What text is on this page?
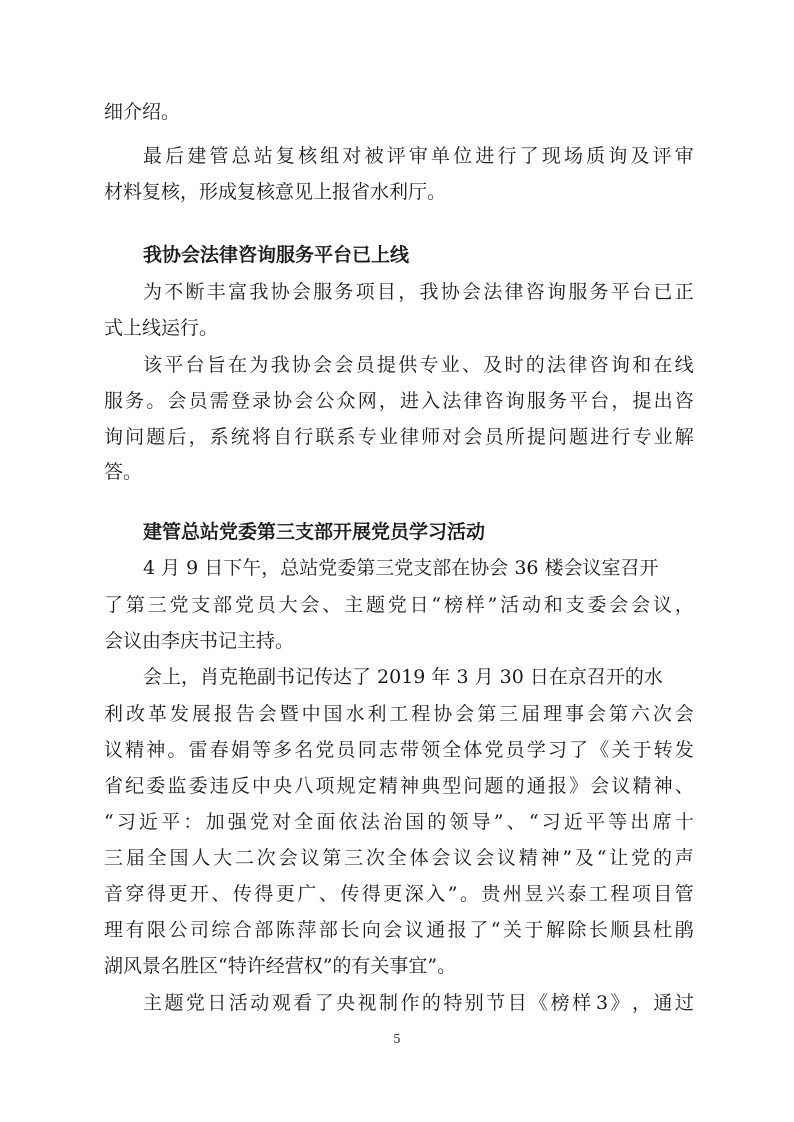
细介绍。
最 后 建 管 总 站 复 核 组 对 被 评 审 单 位 进 行 了 现 场 质 询 及 评 审
材料复核，形成复核意见上报省水利厅。
我协会法律咨询服务平台已上线
为 不 断 丰 富 我 协 会 服 务 项 目 ， 我 协 会 法 律 咨 询 服 务 平 台 已 正
式上线运行。
该 平 台 旨 在 为 我 协 会 会 员 提 供 专 业 、 及 时 的 法 律 咨 询 和 在 线
服 务 。 会 员 需 登 录 协 会 公 众 网 ， 进 入 法 律 咨 询 服 务 平 台 ， 提 出 咨
询 问 题 后 ， 系 统 将 自 行 联 系 专 业 律 师 对 会 员 所 提 问 题 进 行 专 业 解
答。
建管总站党委第三支部开展党员学习活动
4 月 9 日下午，总站党委第三党支部在协会 36 楼会议室召开
了 第 三 党 支 部 党 员 大 会 、 主 题 党 日 “ 榜 样 ” 活 动 和 支 委 会 会 议 ，
会议由李庆书记主持。
会上，肖克艳副书记传达了 2019 年 3 月 30 日在京召开的水
利 改 革 发 展 报 告 会 暨 中 国 水 利 工 程 协 会 第 三 届 理 事 会 第 六 次 会
议 精 神 。 雷 春 娟 等 多 名 党 员 同 志 带 领 全 体 党 员 学 习 了 《 关 于 转 发
省 纪 委 监 委 违 反 中 央 八 项 规 定 精 神 典 型 问 题 的 通 报 》 会 议 精 神 、
“ 习 近 平 ： 加 强 党 对 全 面 依 法 治 国 的 领 导 ” 、 “ 习 近 平 等 出 席 十
三 届 全 国 人 大 二 次 会 议 第 三 次 全 体 会 议 会 议 精 神 ” 及 “ 让 党 的 声
音 穿 得 更 开 、 传 得 更 广 、 传 得 更 深 入 ” 。 贵 州 昱 兴 泰 工 程 项 目 管
理 有 限 公 司 综 合 部 陈 萍 部 长 向 会 议 通 报 了 “ 关 于 解 除 长 顺 县 杜 鹃
湖风景名胜区“特许经营权”的有关事宜”。
主 题 党 日 活 动 观 看 了 央 视 制 作 的 特 别 节 目 《 榜 样 3 》 ， 通 过
5
